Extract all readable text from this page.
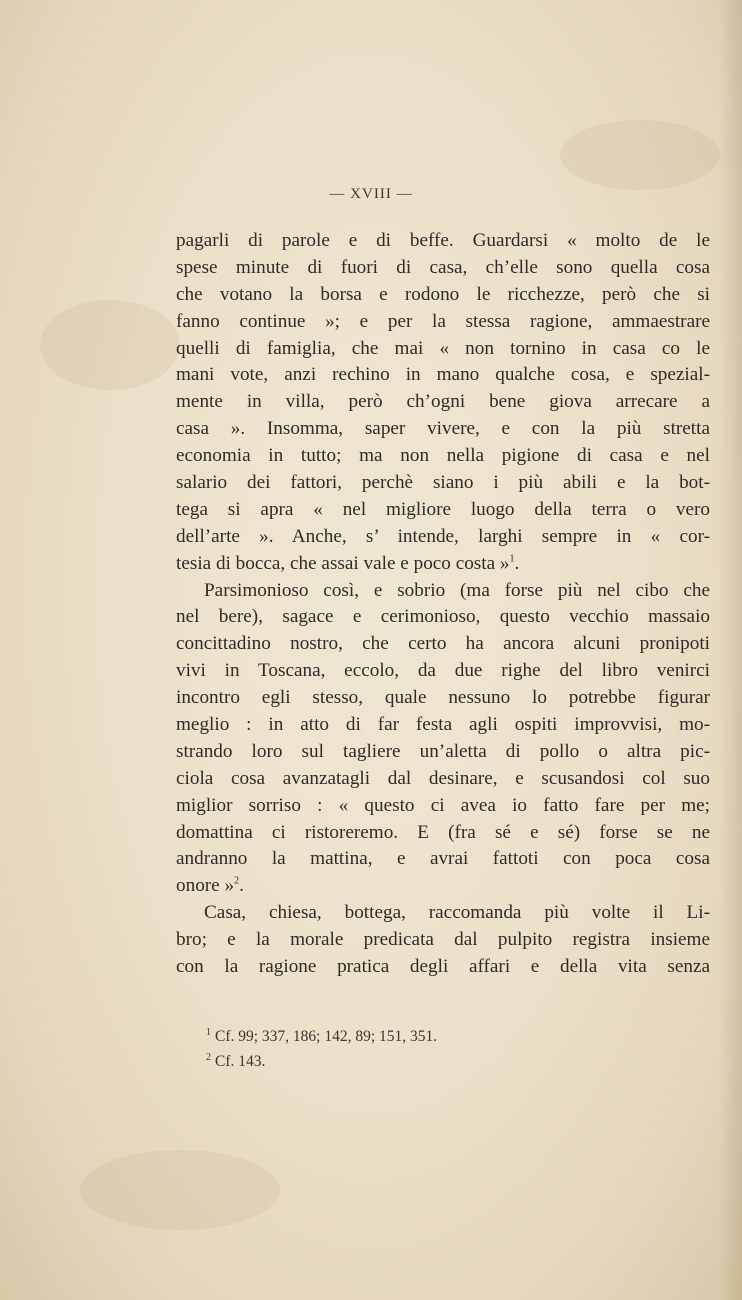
— XVIII —
pagarli di parole e di beffe. Guardarsi « molto de le
spese minute di fuori di casa, ch’elle sono quella cosa
che votano la borsa e rodono le ricchezze, però che si
fanno continue »; e per la stessa ragione, ammaestrare
quelli di famiglia, che mai « non tornino in casa co le
mani vote, anzi rechino in mano qualche cosa, e spezial-
mente in villa, però ch’ogni bene giova arrecare a
casa ». Insomma, saper vivere, e con la più stretta
economia in tutto; ma non nella pigione di casa e nel
salario dei fattori, perchè siano i più abili e la bot-
tega si apra « nel migliore luogo della terra o vero
dell’arte ». Anche, s’ intende, larghi sempre in « cor-
tesia di bocca, che assai vale e poco costa »$^1$.
Parsimonioso così, e sobrio (ma forse più nel cibo che
nel bere), sagace e cerimonioso, questo vecchio massaio
concittadino nostro, che certo ha ancora alcuni pronipoti
vivi in Toscana, eccolo, da due righe del libro venirci
incontro egli stesso, quale nessuno lo potrebbe figurar
meglio : in atto di far festa agli ospiti improvvisi, mo-
strando loro sul tagliere un’aletta di pollo o altra pic-
ciola cosa avanzatagli dal desinare, e scusandosi col suo
miglior sorriso : « questo ci avea io fatto fare per me;
domattina ci ristoreremo. E (fra sé e sé) forse se ne
andranno la mattina, e avrai fattoti con poca cosa
onore »$^2$.
Casa, chiesa, bottega, raccomanda più volte il Li-
bro; e la morale predicata dal pulpito registra insieme
con la ragione pratica degli affari e della vita senza
$^1$ Cf. 99; 337, 186; 142, 89; 151, 351.
$^2$ Cf. 143.
